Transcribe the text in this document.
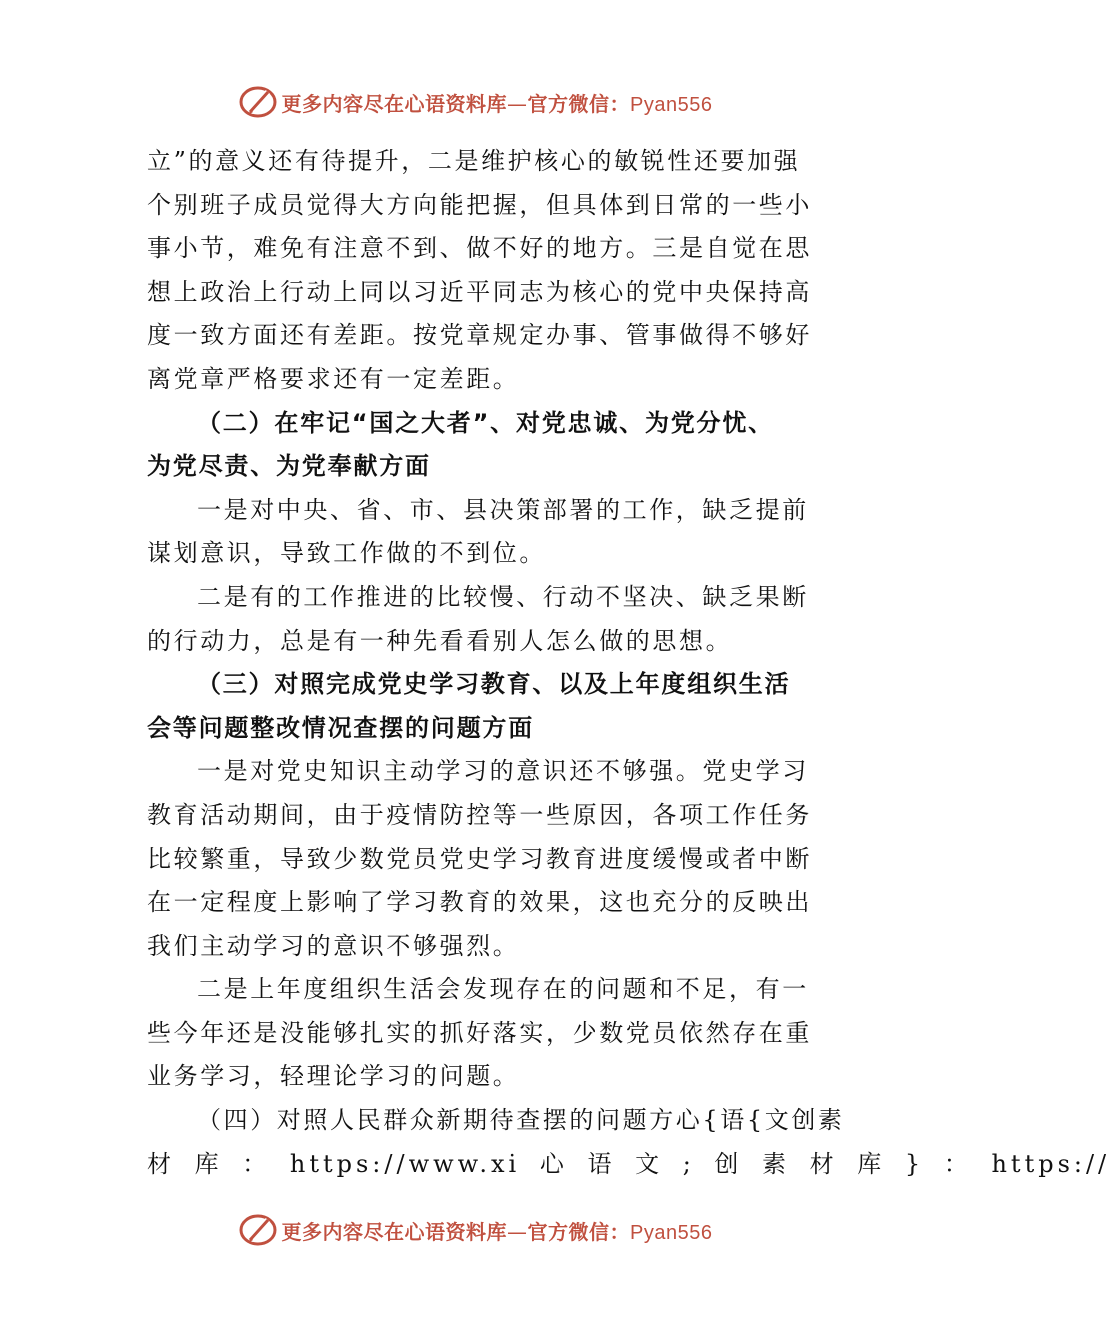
更多内容尽在心语资料库—官方微信：Pyan556
立”的意义还有待提升，二是维护核心的敏锐性还要加强
个别班子成员觉得大方向能把握，但具体到日常的一些小
事小节，难免有注意不到、做不好的地方。三是自觉在思
想上政治上行动上同以习近平同志为核心的党中央保持高
度一致方面还有差距。按党章规定办事、管事做得不够好
离党章严格要求还有一定差距。
（二）在牢记“国之大者”、对党忠诚、为党分忧、
为党尽责、为党奉献方面
一是对中央、省、市、县决策部署的工作，缺乏提前
谋划意识，导致工作做的不到位。
二是有的工作推进的比较慢、行动不坚决、缺乏果断
的行动力，总是有一种先看看别人怎么做的思想。
（三）对照完成党史学习教育、以及上年度组织生活
会等问题整改情况查摆的问题方面
一是对党史知识主动学习的意识还不够强。党史学习
教育活动期间，由于疫情防控等一些原因，各项工作任务
比较繁重，导致少数党员党史学习教育进度缓慢或者中断
在一定程度上影响了学习教育的效果，这也充分的反映出
我们主动学习的意识不够强烈。
二是上年度组织生活会发现存在的问题和不足，有一
些今年还是没能够扎实的抓好落实，少数党员依然存在重
业务学习，轻理论学习的问题。
（四）对照人民群众新期待查摆的问题方心{语{文创素
材 库 ： https://www.xi 心 语 文 ; 创 素 材 库 } ： https://
更多内容尽在心语资料库—官方微信：Pyan556
